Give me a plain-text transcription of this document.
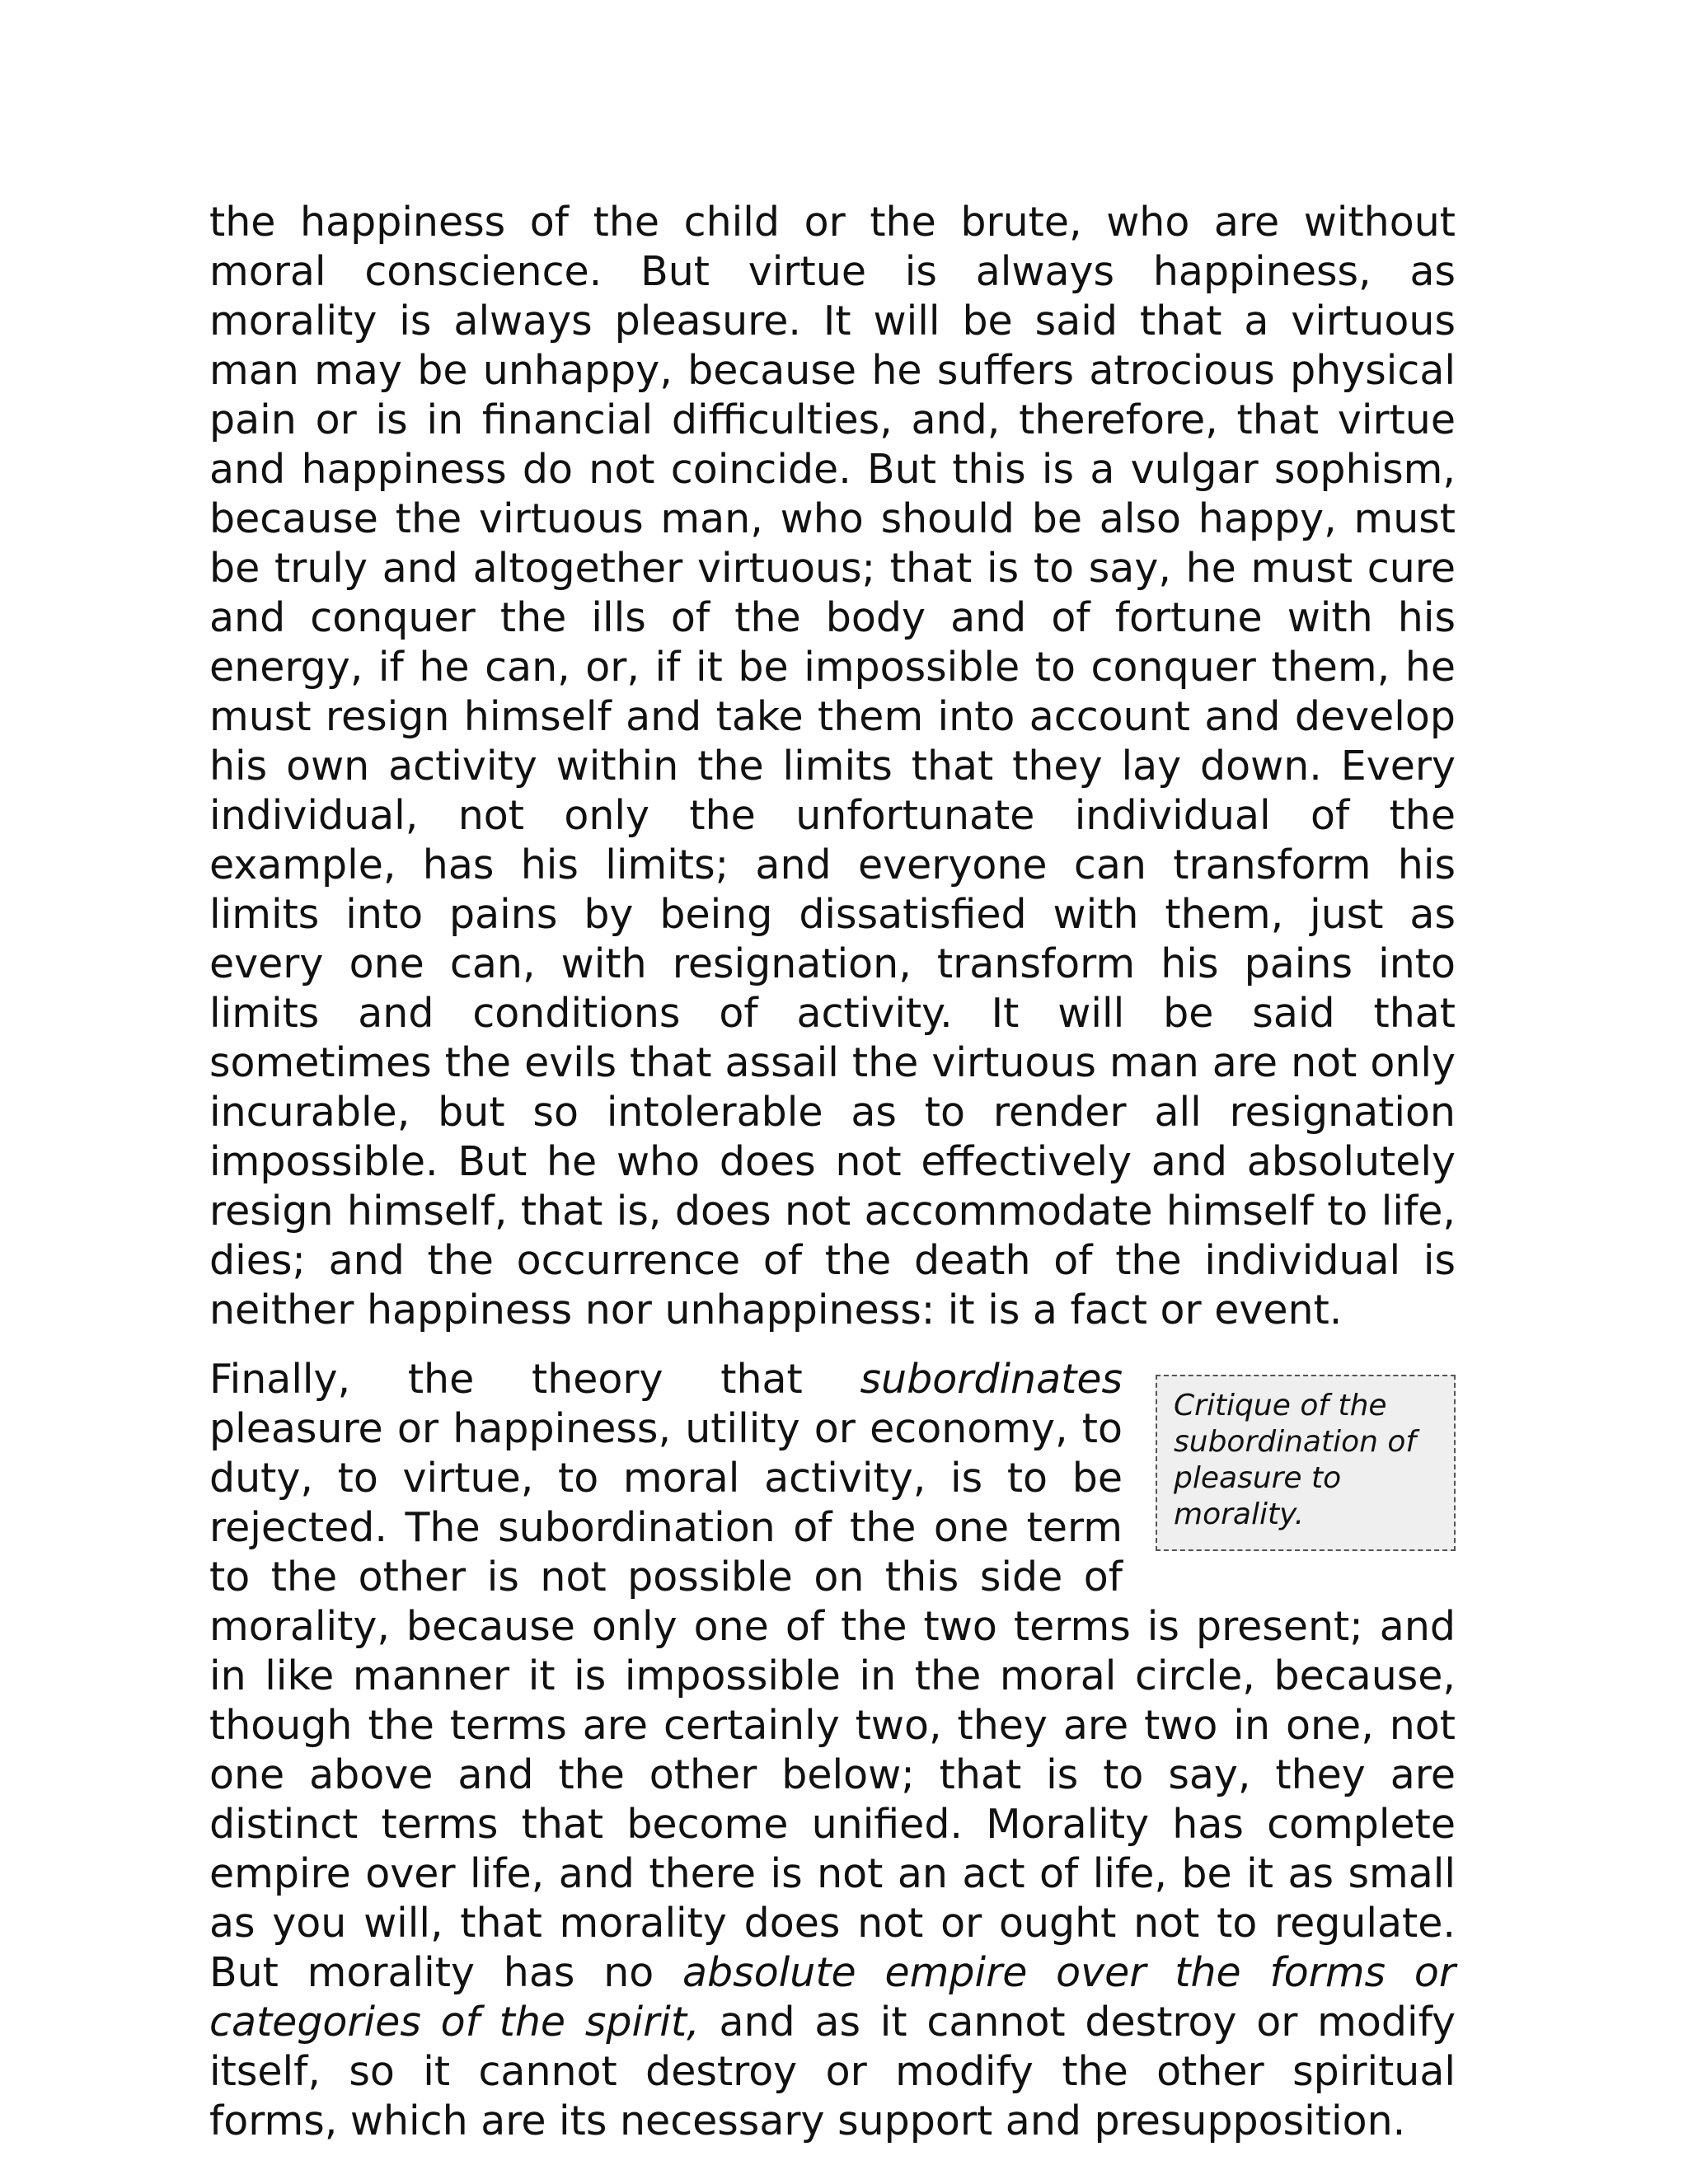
the happiness of the child or the brute, who are without moral conscience. But virtue is always happiness, as morality is always pleasure. It will be said that a virtuous man may be unhappy, because he suffers atrocious physical pain or is in financial difficulties, and, therefore, that virtue and happiness do not coincide. But this is a vulgar sophism, because the virtuous man, who should be also happy, must be truly and altogether virtuous; that is to say, he must cure and conquer the ills of the body and of fortune with his energy, if he can, or, if it be impossible to conquer them, he must resign himself and take them into account and develop his own activity within the limits that they lay down. Every individual, not only the unfortunate individual of the example, has his limits; and everyone can transform his limits into pains by being dissatisfied with them, just as every one can, with resignation, transform his pains into limits and conditions of activity. It will be said that sometimes the evils that assail the virtuous man are not only incurable, but so intolerable as to render all resignation impossible. But he who does not effectively and absolutely resign himself, that is, does not accommodate himself to life, dies; and the occurrence of the death of the individual is neither happiness nor unhappiness: it is a fact or event.

Critique of the subordination of pleasure to morality.

Finally, the theory that subordinates pleasure or happiness, utility or economy, to duty, to virtue, to moral activity, is to be rejected. The subordination of the one term to the other is not possible on this side of morality, because only one of the two terms is present; and in like manner it is impossible in the moral circle, because, though the terms are certainly two, they are two in one, not one above and the other below; that is to say, they are distinct terms that become unified. Morality has complete empire over life, and there is not an act of life, be it as small as you will, that morality does not or ought not to regulate. But morality has no absolute empire over the forms or categories of the spirit, and as it cannot destroy or modify itself, so it cannot destroy or modify the other spiritual forms, which are its necessary support and presupposition.
